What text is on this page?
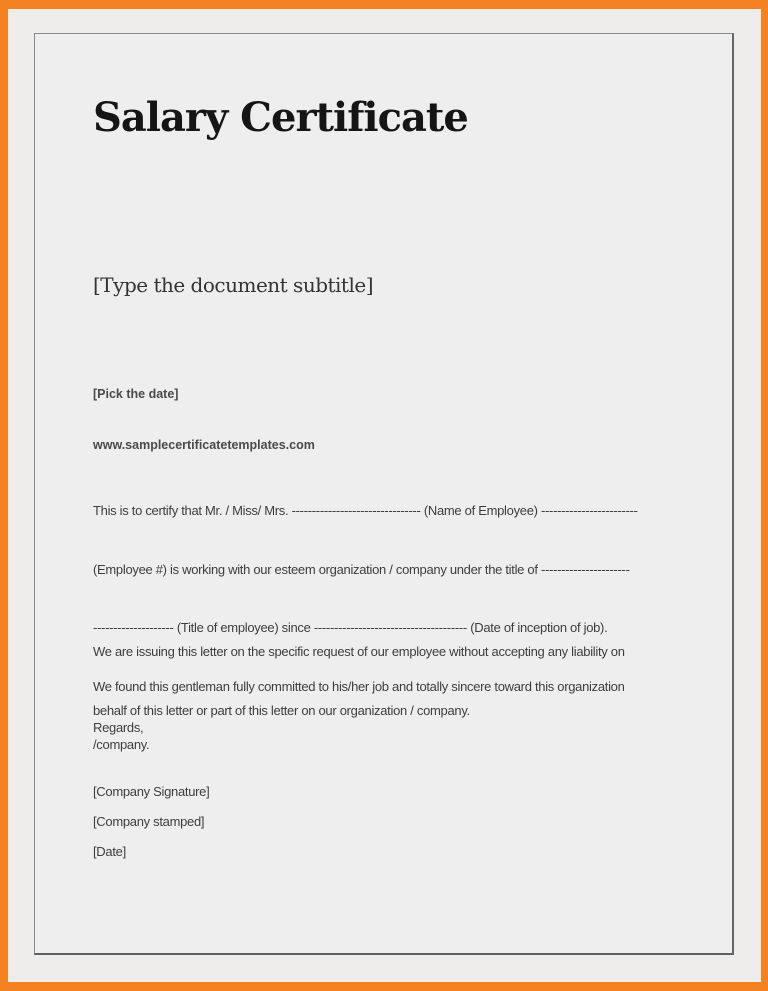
Salary Certificate
[Type the document subtitle]

[Pick the date]

www.samplecertificatetemplates.com

This is to certify that Mr. / Miss/ Mrs. -------------------------------- (Name of Employee) ------------------------

(Employee #) is working with our esteem organization / company under the title of ----------------------

-------------------- (Title of employee) since -------------------------------------- (Date of inception of job).

We found this gentleman fully committed to his/her job and totally sincere toward this organization

/company.

We are issuing this letter on the specific request of our employee without accepting any liability on

behalf of this letter or part of this letter on our organization / company.

Regards,
[Company Signature]
[Company stamped]
[Date]
